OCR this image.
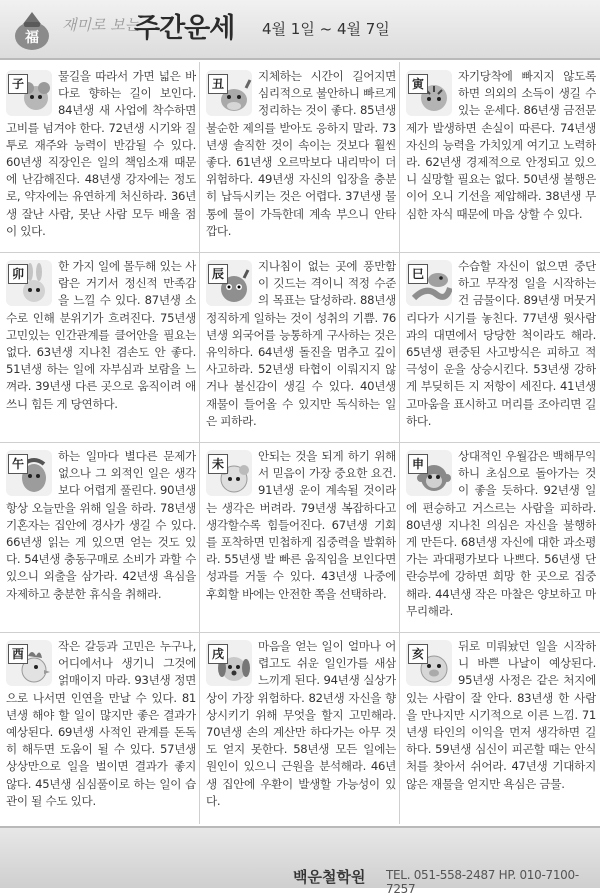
福
재미로 보는
주간운세 4월 1일 ~ 4월 7일
子
물길을 따라서 가면 넓은 바다로 향하는 길이 보인다. 84년생 새 사업에 착수하면 고비를 넘겨야 한다. 72년생 시기와 질투로 재주와 능력이 반감될 수 있다. 60년생 직장인은 일의 책임소재 때문에 난감해진다. 48년생 강자에는 정도로, 약자에는 유연하게 처신하라. 36년생 잘난 사람, 못난 사람 모두 배울 점이 있다.
丑
지체하는 시간이 길어지면 심리적으로 불안하니 빠르게 정리하는 것이 좋다. 85년생 불순한 제의를 받아도 응하지 말라. 73년생 솔직한 것이 속이는 것보다 훨씬 좋다. 61년생 오르막보다 내리막이 더 위험하다. 49년생 자신의 입장을 충분히 납득시키는 것은 어렵다. 37년생 물통에 물이 가득한데 계속 부으니 안타깝다.
寅
자기당착에 빠지지 않도록 하면 의외의 소득이 생길 수 있는 운세다. 86년생 금전문제가 발생하면 손실이 따른다. 74년생 자신의 능력을 가치있게 여기고 노력하라. 62년생 경제적으로 안정되고 있으니 실망할 필요는 없다. 50년생 불행은 이어 오니 기선을 제압해라. 38년생 무심한 자식 때문에 마음 상할 수 있다.
卯
한 가지 일에 몰두해 있는 사람은 거기서 정신적 만족감을 느낄 수 있다. 87년생 소수로 인해 분위기가 흐려진다. 75년생 고민있는 인간관계를 클어안을 필요는 없다. 63년생 지나친 겸손도 안 좋다. 51년생 하는 일에 자부심과 보람을 느껴라. 39년생 다른 곳으로 움직이려 애쓰니 힘든 게 당연하다.
辰
지나침이 없는 곳에 풍만함이 깃드는 격이니 적정 수준의 목표는 달성하라. 88년생 정직하게 일하는 것이 성취의 기쁨. 76년생 외국어를 능통하게 구사하는 것은 유익하다. 64년생 돌진을 멈추고 깊이 사고하라. 52년생 타협이 이뤄지지 않거나 불신감이 생길 수 있다. 40년생 재물이 들어올 수 있지만 독식하는 일은 피하라.
巳
수습할 자신이 없으면 중단하고 무작정 일을 시작하는 건 금물이다. 89년생 머뭇거리다가 시기를 놓친다. 77년생 윗사람과의 대면에서 당당한 척이라도 해라. 65년생 편중된 사고방식은 피하고 적극성이 운을 상승시킨다. 53년생 강하게 부딪히든 지 저항이 세진다. 41년생 고마움을 표시하고 머리를 조아리면 길하다.
午
하는 일마다 별다른 문제가 없으나 그 외적인 일은 생각보다 어렵게 풀린다. 90년생 항상 오늘만을 위해 일을 하라. 78년생 기혼자는 집안에 경사가 생길 수 있다. 66년생 읽는 게 있으면 얻는 것도 있다. 54년생 충동구매로 소비가 과할 수 있으니 외출을 삼가라. 42년생 욕심을 자제하고 충분한 휴식을 취해라.
未
안되는 것을 되게 하기 위해서 믿음이 가장 중요한 요건. 91년생 운이 계속될 것이라는 생각은 버려라. 79년생 복잡하다고 생각할수록 힘들어진다. 67년생 기회를 포착하면 민첩하게 집중력을 발휘하라. 55년생 발 빠른 움직임을 보인다면 성과를 거둘 수 있다. 43년생 나중에 후회할 바에는 안전한 쪽을 선택하라.
申
상대적인 우월감은 백해무익하니 초심으로 돌아가는 것이 좋을 듯하다. 92년생 일에 편승하고 거스르는 사람을 피하라. 80년생 지나친 의심은 자신을 불행하게 만든다. 68년생 자신에 대한 과소평가는 과대평가보다 나쁘다. 56년생 단란승부에 강하면 희망 한 곳으로 집중해라. 44년생 작은 마찰은 양보하고 마무리해라.
酉
작은 갈등과 고민은 누구나, 어디에서나 생기니 그것에 얽매이지 마라. 93년생 정면으로 나서면 인연을 만날 수 있다. 81년생 해야 할 일이 많지만 좋은 결과가 예상된다. 69년생 사적인 관계를 돈독히 해두면 도움이 될 수 있다. 57년생 상상만으로 일을 벌이면 결과가 좋지 않다. 45년생 심심풀이로 하는 일이 습관이 될 수도 있다.
戌
마음을 얻는 일이 얼마나 어렵고도 쉬운 일인가를 새삼 느끼게 된다. 94년생 실상가상이 가장 위험하다. 82년생 자신을 향상시키기 위해 무엇을 할지 고민해라. 70년생 손의 계산만 하다가는 아무 것도 얻지 못한다. 58년생 모든 일에는 원인이 있으니 근원을 분석해라. 46년생 집안에 우환이 발생할 가능성이 있다.
亥
뒤로 미뤄놨던 일을 시작하니 바쁜 나날이 예상된다. 95년생 사정은 같은 처지에 있는 사람이 잘 안다. 83년생 한 사람을 만나지만 시기적으로 이른 느낌. 71년생 타인의 이익을 먼저 생각하면 길하다. 59년생 심신이 피곤할 때는 안식처를 찾아서 쉬어라. 47년생 기대하지 않은 재물을 얻지만 욕심은 금물.
백운철학원 TEL. 051-558-2487 HP. 010-7100-7257
